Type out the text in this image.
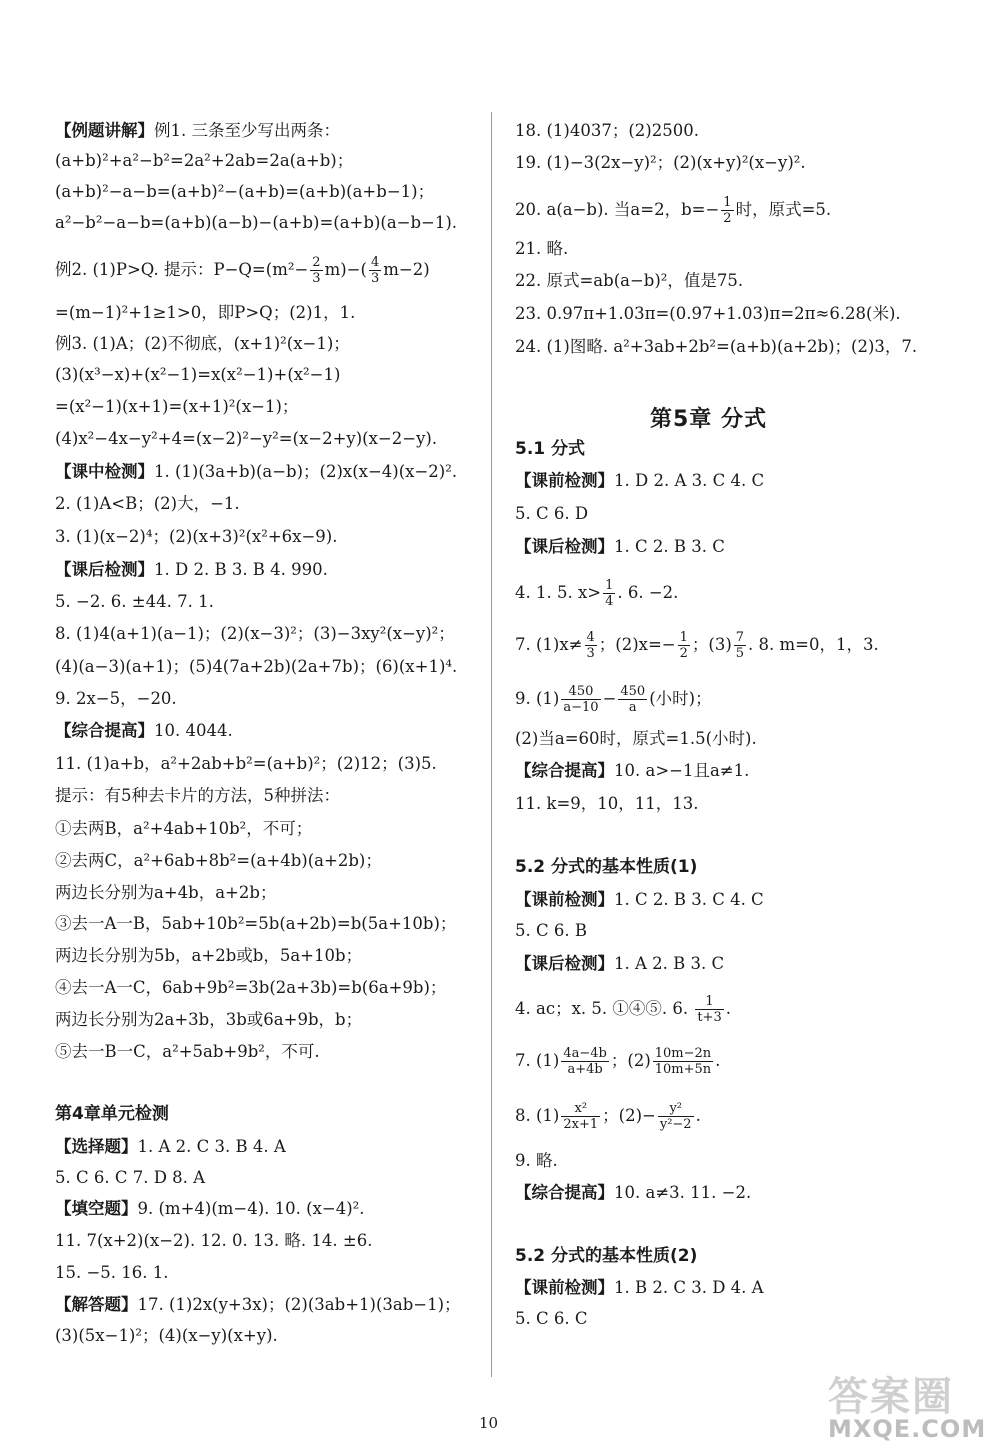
【例题讲解】例1. 三条至少写出两条：
(a+b)²+a²−b²=2a²+2ab=2a(a+b)；
(a+b)²−a−b=(a+b)²−(a+b)=(a+b)(a+b−1)；
a²−b²−a−b=(a+b)(a−b)−(a+b)=(a+b)(a−b−1).
例2. (1)P>Q. 提示：$P-Q=(m^2- \frac{2}{3} m)-( \frac{4}{3} m-2)$
=(m−1)²+1≥1>0，即P>Q；(2)1，1.
例3. (1)A；(2)不彻底，(x+1)²(x−1)；
(3)(x³−x)+(x²−1)=x(x²−1)+(x²−1)
=(x²−1)(x+1)=(x+1)²(x−1)；
(4)x²−4x−y²+4=(x−2)²−y²=(x−2+y)(x−2−y).
【课中检测】1. (1)(3a+b)(a−b)；(2)x(x−4)(x−2)².
2. (1)A<B；(2)大，−1.
3. (1)(x−2)⁴；(2)(x+3)²(x²+6x−9).
【课后检测】1. D 2. B 3. B 4. 990.
5. −2. 6. ±44. 7. 1.
8. (1)4(a+1)(a−1)；(2)(x−3)²；(3)−3xy²(x−y)²；
(4)(a−3)(a+1)；(5)4(7a+2b)(2a+7b)；(6)(x+1)⁴.
9. 2x−5，−20.
【综合提高】10. 4044.
11. (1)a+b，a²+2ab+b²=(a+b)²；(2)12；(3)5.
提示：有5种去卡片的方法，5种拼法：
①去两B，a²+4ab+10b²，不可；
②去两C，a²+6ab+8b²=(a+4b)(a+2b)；
两边长分别为a+4b，a+2b；
③去一A一B，5ab+10b²=5b(a+2b)=b(5a+10b)；
两边长分别为5b，a+2b或b，5a+10b；
④去一A一C，6ab+9b²=3b(2a+3b)=b(6a+9b)；
两边长分别为2a+3b，3b或6a+9b，b；
⑤去一B一C，a²+5ab+9b²，不可.
第4章单元检测
【选择题】1. A 2. C 3. B 4. A
5. C 6. C 7. D 8. A
【填空题】9. (m+4)(m−4). 10. (x−4)².
11. 7(x+2)(x−2). 12. 0. 13. 略. 14. ±6.
15. −5. 16. 1.
【解答题】17. (1)2x(y+3x)；(2)(3ab+1)(3ab−1)；
(3)(5x−1)²；(4)(x−y)(x+y).
18. (1)4037；(2)2500.
19. (1)−3(2x−y)²；(2)(x+y)²(x−y)².
20. a(a−b). 当a=2，$b=- \frac{1}{2}$ 时，原式=5.
21. 略.
22. 原式=ab(a−b)²，值是75.
23. 0.97π+1.03π=(0.97+1.03)π=2π≈6.28(米).
24. (1)图略. a²+3ab+2b²=(a+b)(a+2b)；(2)3，7.
第5章 分式
5.1 分式
【课前检测】1. D 2. A 3. C 4. C
5. C 6. D
【课后检测】1. C 2. B 3. C
4. 1. 5. $x> \frac{1}{4}$ . 6. −2.
7. $(1)x\ne \frac{4}{3}$ ；$(2)x=- \frac{1}{2}$ ；$(3) \frac{7}{5}$ . 8. m=0，1，3.
9. $(1) \frac{450}{a-10} - \frac{450}{a}$ (小时)；
(2)当a=60时，原式=1.5(小时).
【综合提高】10. a>−1且a≠1.
11. k=9，10，11，13.
5.2 分式的基本性质(1)
【课前检测】1. C 2. B 3. C 4. C
5. C 6. B
【课后检测】1. A 2. B 3. C
4. ac；x. 5. ①④⑤. 6. $\frac{1}{t+3}$ .
7. $(1) \frac{4a-4b}{a+4b}$ ；$(2) \frac{10m-2n}{10m+5n}$ .
8. $(1) \frac{\text{x²}}{2x+1}$ ；$(2)- \frac{\text{y²}}{\text{y²−2}}$ .
9. 略.
【综合提高】10. a≠3. 11. −2.
5.2 分式的基本性质(2)
【课前检测】1. B 2. C 3. D 4. A
5. C 6. C
10
答案圈
MXQE.COM
